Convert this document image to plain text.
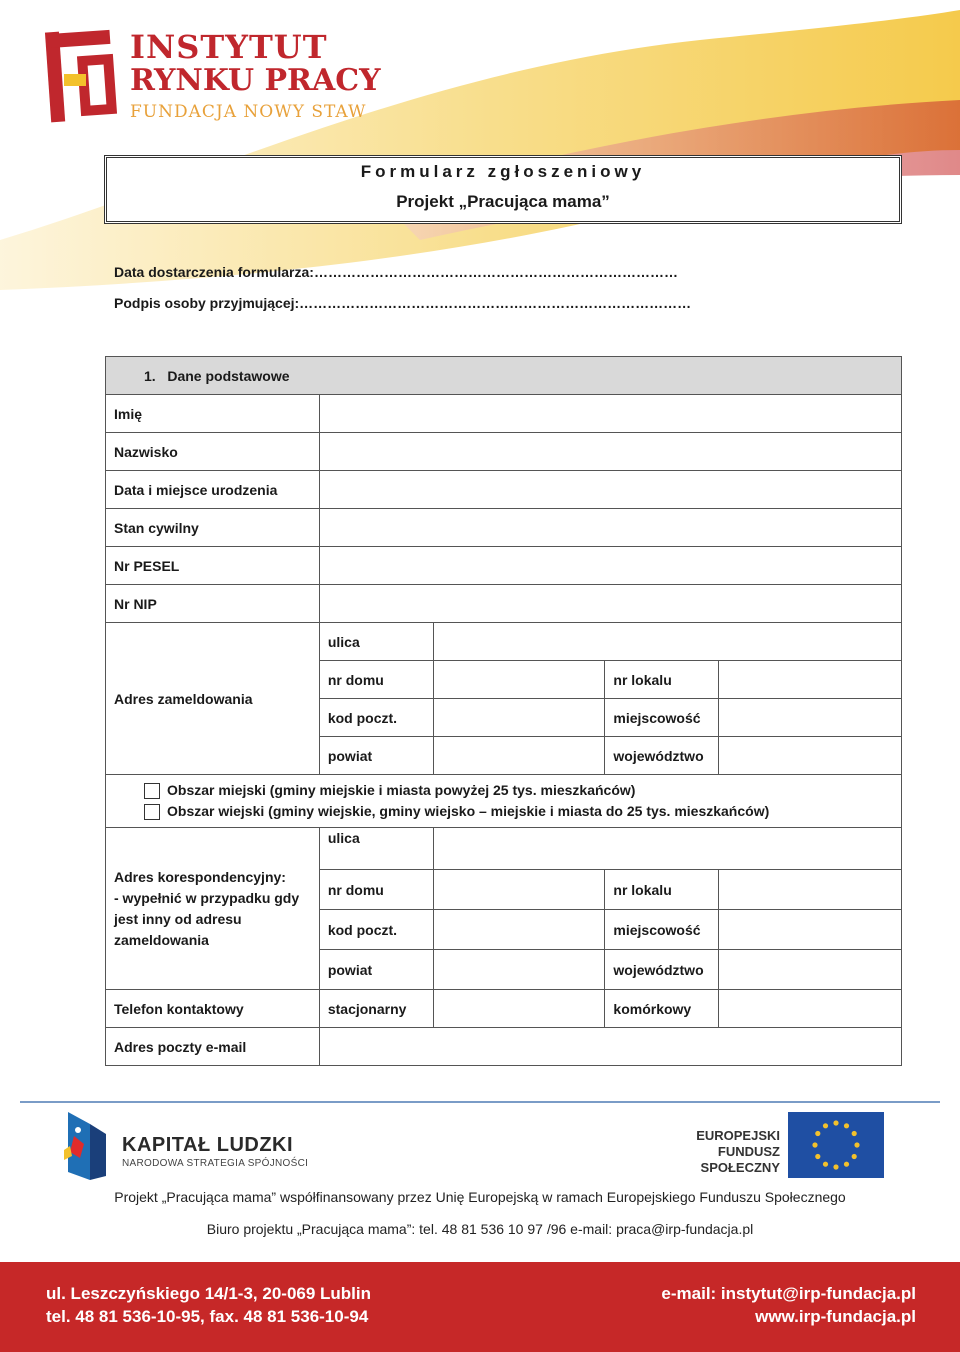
INSTYTUT
RYNKU PRACY
FUNDACJA NOWY STAW
Formularz zgłoszeniowy
Projekt „Pracująca mama”
Data dostarczenia formularza:……………………………………………………………………
Podpis osoby przyjmującej:…………………………………………………………………………
1. Dane podstawowe				
Imię				
Nazwisko				
Data i miejsce urodzenia				
Stan cywilny				
Nr PESEL				
Nr NIP				
Adres zameldowania	ulica			
	nr domu		nr lokalu	
	kod poczt.		miejscowość	
	powiat		województwo	

Obszar miejski (gminy miejskie i miasta powyżej 25 tys. mieszkańców)
Obszar wiejski (gminy wiejskie, gminy wiejsko – miejskie i miasta do 25 tys. mieszkańców)				

Adres korespondencyjny:
- wypełnić w przypadku gdy
jest inny od adresu
zameldowania	ulica			
	nr domu		nr lokalu	
	kod poczt.		miejscowość	
	powiat		województwo	
Telefon kontaktowy	stacjonarny		komórkowy	
Adres poczty e-mail				
KAPITAŁ LUDZKI
NARODOWA STRATEGIA SPÓJNOŚCI
EUROPEJSKI
FUNDUSZ SPOŁECZNY
Projekt „Pracująca mama” współfinansowany przez Unię Europejską w ramach Europejskiego Funduszu Społecznego
Biuro projektu „Pracująca mama”: tel. 48 81 536 10 97 /96 e-mail: praca@irp-fundacja.pl
ul. Leszczyńskiego 14/1-3, 20-069 Lublin
tel. 48 81 536-10-95, fax. 48 81 536-10-94
e-mail: instytut@irp-fundacja.pl
www.irp-fundacja.pl
